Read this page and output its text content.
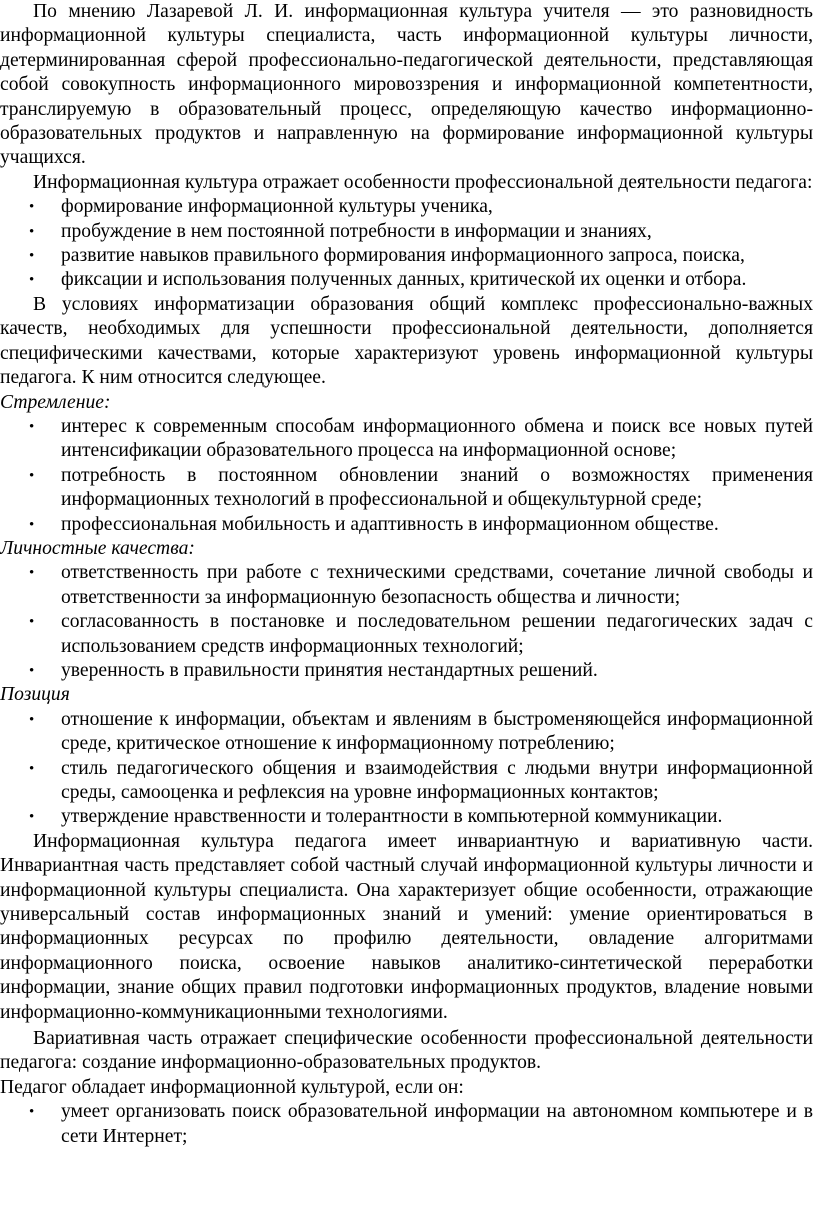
По мнению Лазаревой Л. И. информационная культура учителя — это разновидность информационной культуры специалиста, часть информационной культуры личности, детерминированная сферой профессионально-педагогической деятельности, представляющая собой совокупность информационного мировоззрения и информационной компетентности, транслируемую в образовательный процесс, определяющую качество информационно-образовательных продуктов и направленную на формирование информационной культуры учащихся.

Информационная культура отражает особенности профессиональной деятельности педагога:

• формирование информационной культуры ученика,
• пробуждение в нем постоянной потребности в информации и знаниях,
• развитие навыков правильного формирования информационного запроса, поиска,
• фиксации и использования полученных данных, критической их оценки и отбора.

В условиях информатизации образования общий комплекс профессионально-важных качеств, необходимых для успешности профессиональной деятельности, дополняется специфическими качествами, которые характеризуют уровень информационной культуры педагога. К ним относится следующее.

Стремление:
• интерес к современным способам информационного обмена и поиск все новых путей интенсификации образовательного процесса на информационной основе;
• потребность в постоянном обновлении знаний о возможностях применения информационных технологий в профессиональной и общекультурной среде;
• профессиональная мобильность и адаптивность в информационном обществе.
Личностные качества:
• ответственность при работе с техническими средствами, сочетание личной свободы и ответственности за информационную безопасность общества и личности;
• согласованность в постановке и последовательном решении педагогических задач с использованием средств информационных технологий;
• уверенность в правильности принятия нестандартных решений.
Позиция
• отношение к информации, объектам и явлениям в быстроменяющейся информационной среде, критическое отношение к информационному потреблению;
• стиль педагогического общения и взаимодействия с людьми внутри информационной среды, самооценка и рефлексия на уровне информационных контактов;
• утверждение нравственности и толерантности в компьютерной коммуникации.

Информационная культура педагога имеет инвариантную и вариативную части. Инвариантная часть представляет собой частный случай информационной культуры личности и информационной культуры специалиста. Она характеризует общие особенности, отражающие универсальный состав информационных знаний и умений: умение ориентироваться в информационных ресурсах по профилю деятельности, овладение алгоритмами информационного поиска, освоение навыков аналитико-синтетической переработки информации, знание общих правил подготовки информационных продуктов, владение новыми информационно-коммуникационными технологиями.

Вариативная часть отражает специфические особенности профессиональной деятельности педагога: создание информационно-образовательных продуктов.

Педагог обладает информационной культурой, если он:

• умеет организовать поиск образовательной информации на автономном компьютере и в сети Интернет;
